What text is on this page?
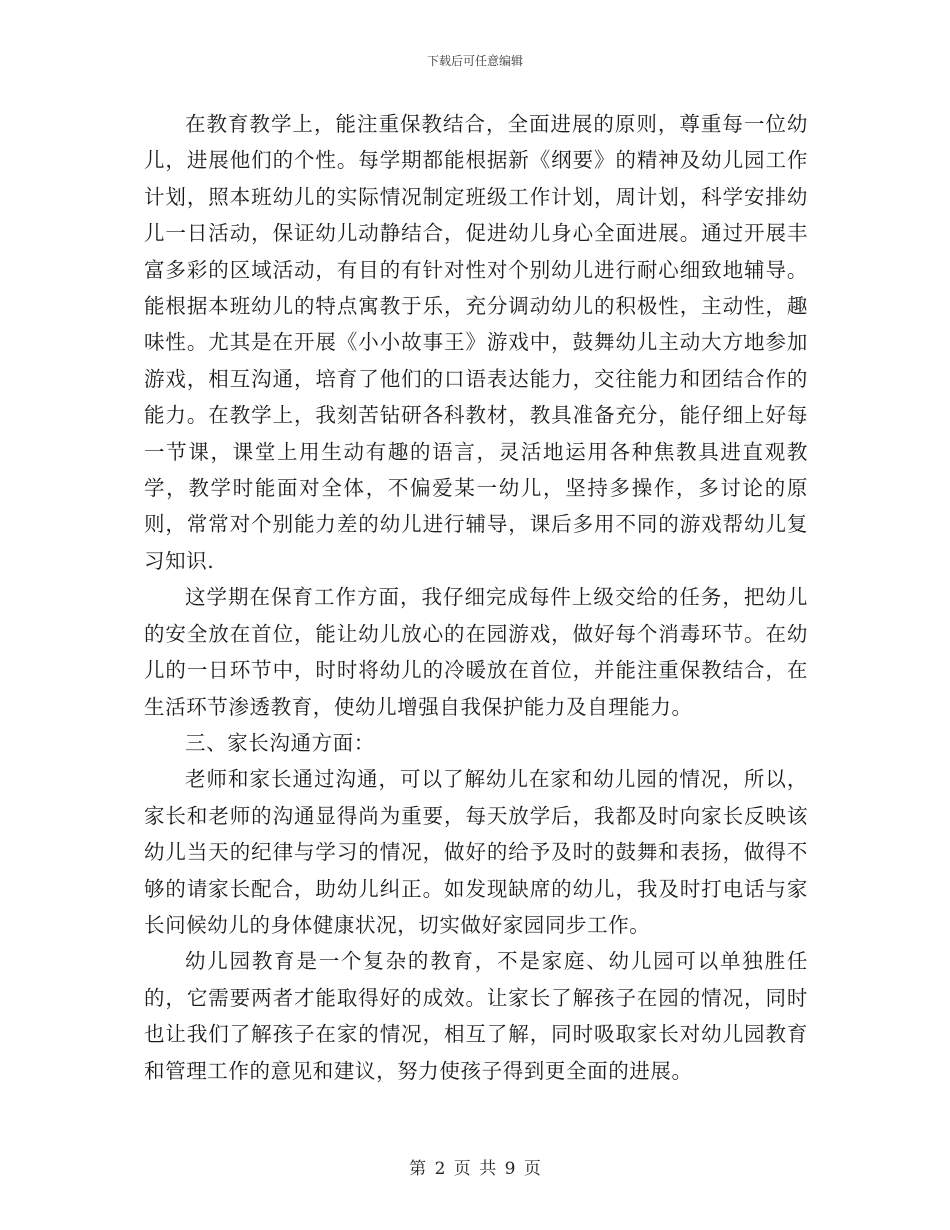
下载后可任意编辑

在教育教学上，能注重保教结合，全面进展的原则，尊重每一位幼儿，进展他们的个性。每学期都能根据新《纲要》的精神及幼儿园工作计划，照本班幼儿的实际情况制定班级工作计划，周计划，科学安排幼儿一日活动，保证幼儿动静结合，促进幼儿身心全面进展。通过开展丰富多彩的区域活动，有目的有针对性对个别幼儿进行耐心细致地辅导。能根据本班幼儿的特点寓教于乐，充分调动幼儿的积极性，主动性，趣味性。尤其是在开展《小小故事王》游戏中，鼓舞幼儿主动大方地参加游戏，相互沟通，培育了他们的口语表达能力，交往能力和团结合作的能力。在教学上，我刻苦钻研各科教材，教具准备充分，能仔细上好每一节课，课堂上用生动有趣的语言，灵活地运用各种焦教具进直观教学，教学时能面对全体，不偏爱某一幼儿，坚持多操作，多讨论的原则，常常对个别能力差的幼儿进行辅导，课后多用不同的游戏帮幼儿复习知识.

这学期在保育工作方面，我仔细完成每件上级交给的任务，把幼儿的安全放在首位，能让幼儿放心的在园游戏，做好每个消毒环节。在幼儿的一日环节中，时时将幼儿的冷暖放在首位，并能注重保教结合，在生活环节渗透教育，使幼儿增强自我保护能力及自理能力。

三、家长沟通方面：

老师和家长通过沟通，可以了解幼儿在家和幼儿园的情况，所以，家长和老师的沟通显得尚为重要，每天放学后，我都及时向家长反映该幼儿当天的纪律与学习的情况，做好的给予及时的鼓舞和表扬，做得不够的请家长配合，助幼儿纠正。如发现缺席的幼儿，我及时打电话与家长问候幼儿的身体健康状况，切实做好家园同步工作。

幼儿园教育是一个复杂的教育，不是家庭、幼儿园可以单独胜任的，它需要两者才能取得好的成效。让家长了解孩子在园的情况，同时也让我们了解孩子在家的情况，相互了解，同时吸取家长对幼儿园教育和管理工作的意见和建议，努力使孩子得到更全面的进展。

第 2 页 共 9 页
